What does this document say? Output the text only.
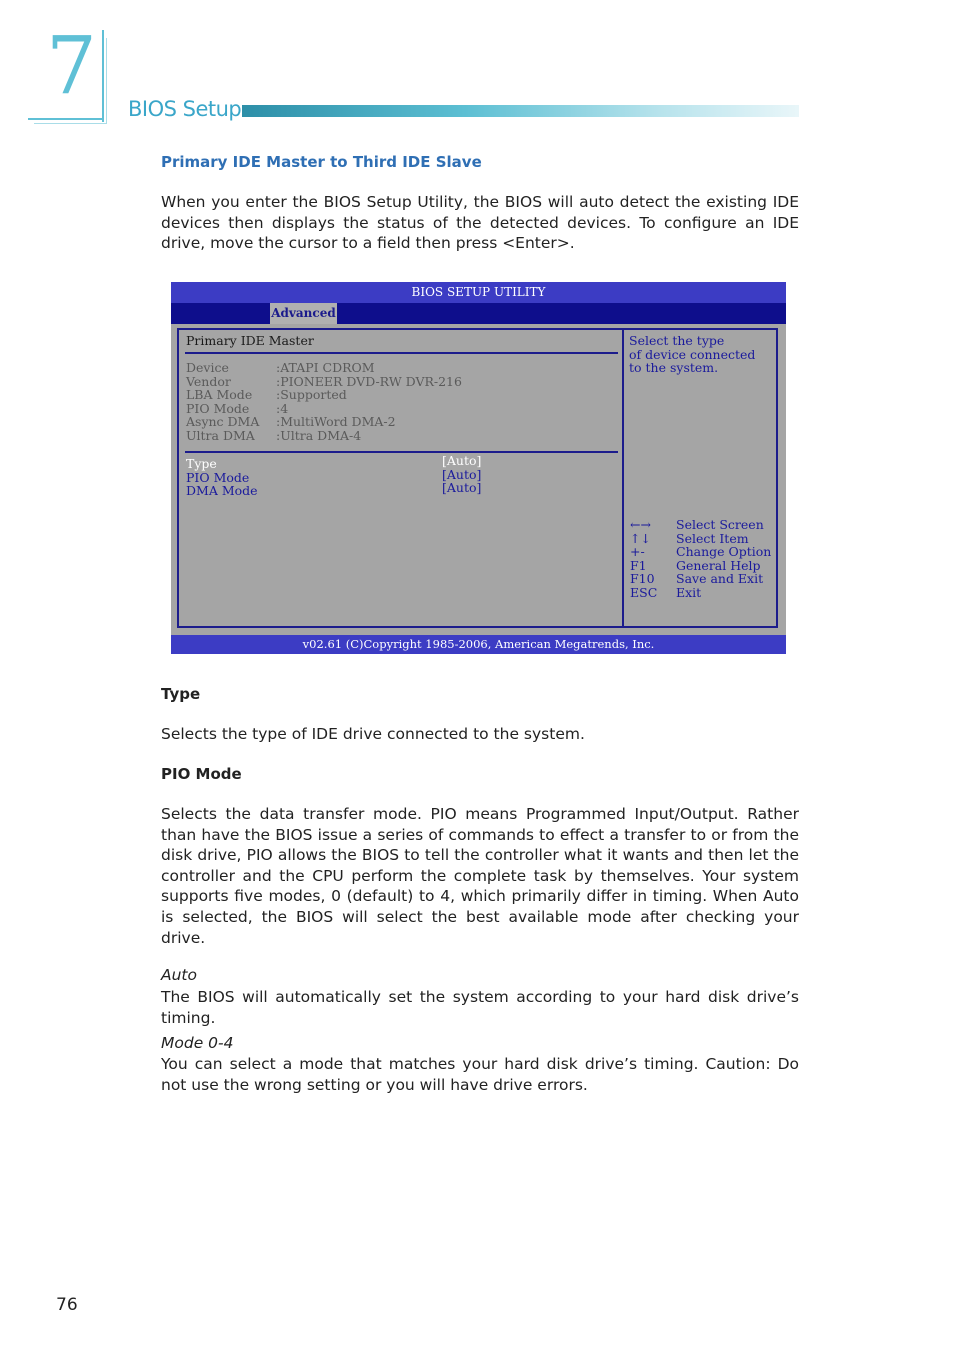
7 BIOS Setup
Primary IDE Master to Third IDE Slave

When you enter the BIOS Setup Utility, the BIOS will auto detect the existing IDE devices then displays the status of the detected devices. To configure an IDE drive, move the cursor to a field then press <Enter>.

BIOS SETUP UTILITY
Advanced
Primary IDE Master
Device	:ATAPI CDROM
Vendor	:PIONEER DVD-RW DVR-216
LBA Mode :Supported
PIO Mode :4
Async DMA :MultiWord DMA-2
Ultra DMA :Ultra DMA-4
Type	[Auto]
PIO Mode	[Auto]
DMA Mode	[Auto]
Select the type
of device connected
to the system.
←→ Select Screen
↑↓ Select Item
+-	Change Option
F1 General Help
F10 Save and Exit
ESC Exit
v02.61 (C)Copyright 1985-2006, American Megatrends, Inc.
Type

Selects the type of IDE drive connected to the system.

PIO Mode

Selects the data transfer mode. PIO means Programmed Input/Output. Rather than have the BIOS issue a series of commands to effect a transfer to or from the disk drive, PIO allows the BIOS to tell the controller what it wants and then let the controller and the CPU perform the complete task by themselves. Your system supports five modes, 0 (default) to 4, which primarily differ in timing. When Auto is selected, the BIOS will select the best available mode after checking your drive.

Auto

The BIOS will automatically set the system according to your hard disk drive’s timing.

Mode 0-4

You can select a mode that matches your hard disk drive’s timing. Caution: Do not use the wrong setting or you will have drive errors.

76
